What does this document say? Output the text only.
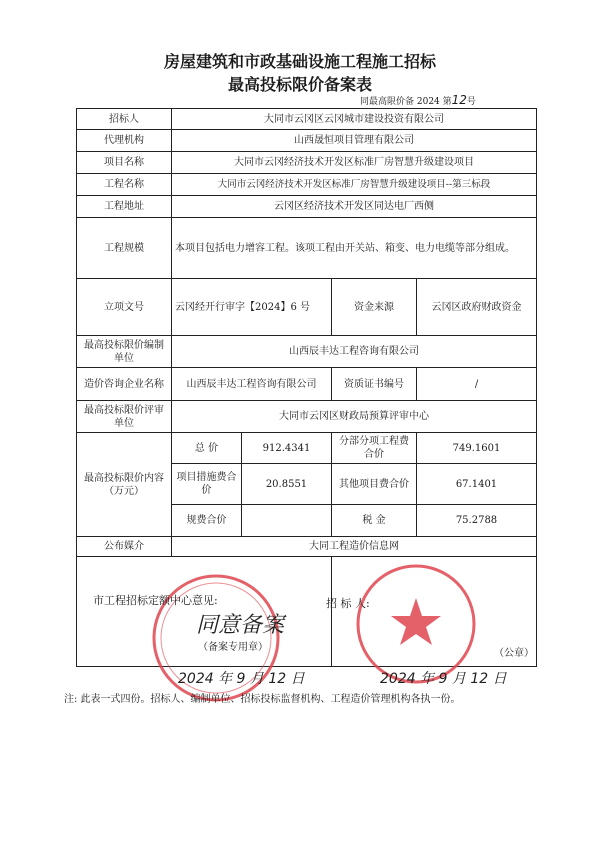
房屋建筑和市政基础设施工程施工招标
最高投标限价备案表
同最高限价备 2024 第12号
招标人	大同市云冈区云冈城市建设投资有限公司			
代理机构	山西晟恒项目管理有限公司			
项目名称	大同市云冈经济技术开发区标准厂房智慧升级建设项目			
工程名称	大同市云冈经济技术开发区标准厂房智慧升级建设项目--第三标段			
工程地址	云冈区经济技术开发区同达电厂西侧			
工程规模	本项目包括电力增容工程。该项工程由开关站、箱变、电力电缆等部分组成。			
立项文号	云冈经开行审字【2024】6 号		资金来源	云冈区政府财政资金
最高投标限价编制单位	山西辰丰达工程咨询有限公司			
造价咨询企业名称	山西辰丰达工程咨询有限公司		资质证书编号	/
最高投标限价评审单位	大同市云冈区财政局预算评审中心			
最高投标限价内容（万元）	总 价	912.4341	分部分项工程费合价	749.1601
	项目措施费合 价	20.8551	其他项目费合价	67.1401
	规费合价		税 金	75.2788
公布媒介	大同工程造价信息网			

市工程招标定额中心意见:	招 标 人:
同意备案
（备案专用章）
（公章）
2024 年 9 月 12 日	2024 年 9 月 12 日
注: 此表一式四份。招标人、编制单位、招标投标监督机构、工程造价管理机构各执一份。
